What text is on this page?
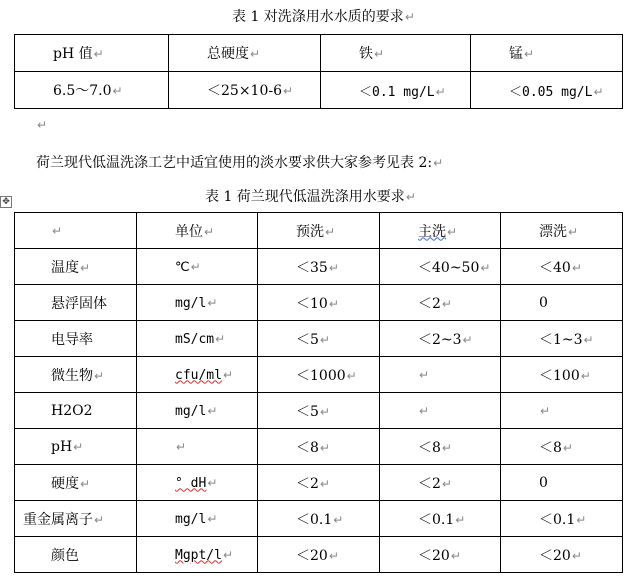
表 1 对洗涤用水水质的要求↵
pH 值↵	总硬度↵	铁↵	锰↵
6.5～7.0↵	＜25×10-6↵	＜0.1 mg/L↵	＜0.05 mg/L↵
↵
荷兰现代低温洗涤工艺中适宜使用的淡水要求供大家参考见表 2:↵
✥	表 1 荷兰现代低温洗涤用水要求↵
↵	单位↵	预洗↵	主洗↵	漂洗↵
温度↵	℃↵	＜35↵	＜40~50↵	＜40↵
悬浮固体	mg/l↵	＜10↵	＜2↵	0
电导率	mS/cm↵	＜5↵	＜2~3↵	＜1~3↵
微生物↵	cfu/ml↵	＜1000↵	↵	＜100↵
H2O2	mg/l↵	＜5↵	↵	↵
pH↵	↵	＜8↵	＜8↵	＜8↵
硬度↵	° dH↵	＜2↵	＜2↵	0
重金属离子↵	mg/l↵	＜0.1↵	＜0.1↵	＜0.1↵
颜色	Mgpt/l↵	＜20↵	＜20↵	＜20↵
